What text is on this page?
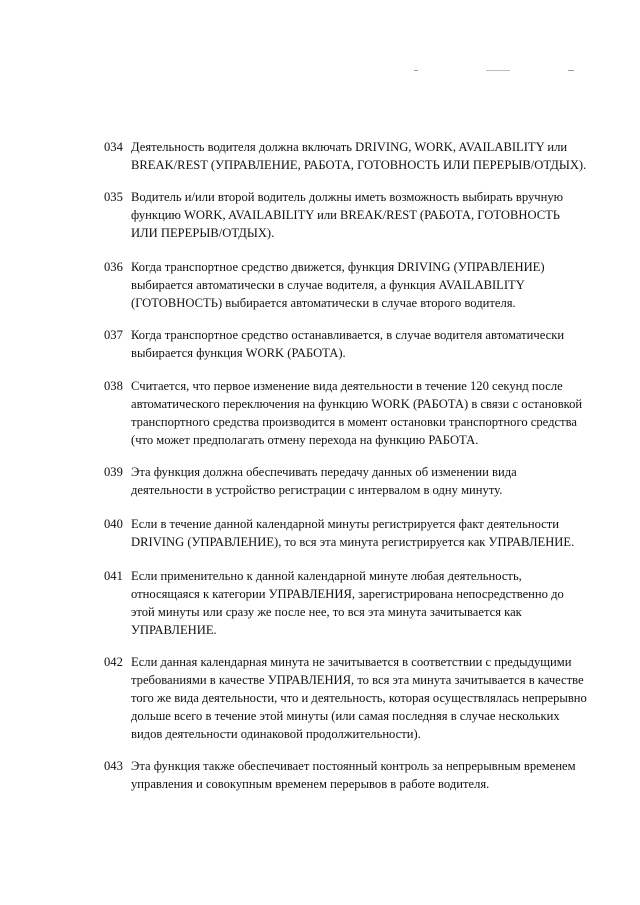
034 Деятельность водителя должна включать DRIVING, WORK, AVAILABILITY или
BREAK/REST (УПРАВЛЕНИЕ, РАБОТА, ГОТОВНОСТЬ ИЛИ ПЕРЕРЫВ/ОТДЫХ).
035 Водитель и/или второй водитель должны иметь возможность выбирать вручную
функцию WORK, AVAILABILITY или BREAK/REST (РАБОТА, ГОТОВНОСТЬ
ИЛИ ПЕРЕРЫВ/ОТДЫХ).
036 Когда транспортное средство движется, функция DRIVING (УПРАВЛЕНИЕ)
выбирается автоматически в случае водителя, а функция AVAILABILITY
(ГОТОВНОСТЬ) выбирается автоматически в случае второго водителя.
037 Когда транспортное средство останавливается, в случае водителя автоматически
выбирается функция WORK (РАБОТА).
038 Считается, что первое изменение вида деятельности в течение 120 секунд после
автоматического переключения на функцию WORK (РАБОТА) в связи с остановкой
транспортного средства производится в момент остановки транспортного средства
(что может предполагать отмену перехода на функцию РАБОТА.
039 Эта функция должна обеспечивать передачу данных об изменении вида
деятельности в устройство регистрации с интервалом в одну минуту.
040 Если в течение данной календарной минуты регистрируется факт деятельности
DRIVING (УПРАВЛЕНИЕ), то вся эта минута регистрируется как УПРАВЛЕНИЕ.
041 Если применительно к данной календарной минуте любая деятельность,
относящаяся к категории УПРАВЛЕНИЯ, зарегистрирована непосредственно до
этой минуты или сразу же после нее, то вся эта минута зачитывается как
УПРАВЛЕНИЕ.
042 Если данная календарная минута не зачитывается в соответствии с предыдущими
требованиями в качестве УПРАВЛЕНИЯ, то вся эта минута зачитывается в качестве
того же вида деятельности, что и деятельность, которая осуществлялась непрерывно
дольше всего в течение этой минуты (или самая последняя в случае нескольких
видов деятельности одинаковой продолжительности).
043 Эта функция также обеспечивает постоянный контроль за непрерывным временем
управления и совокупным временем перерывов в работе водителя.
